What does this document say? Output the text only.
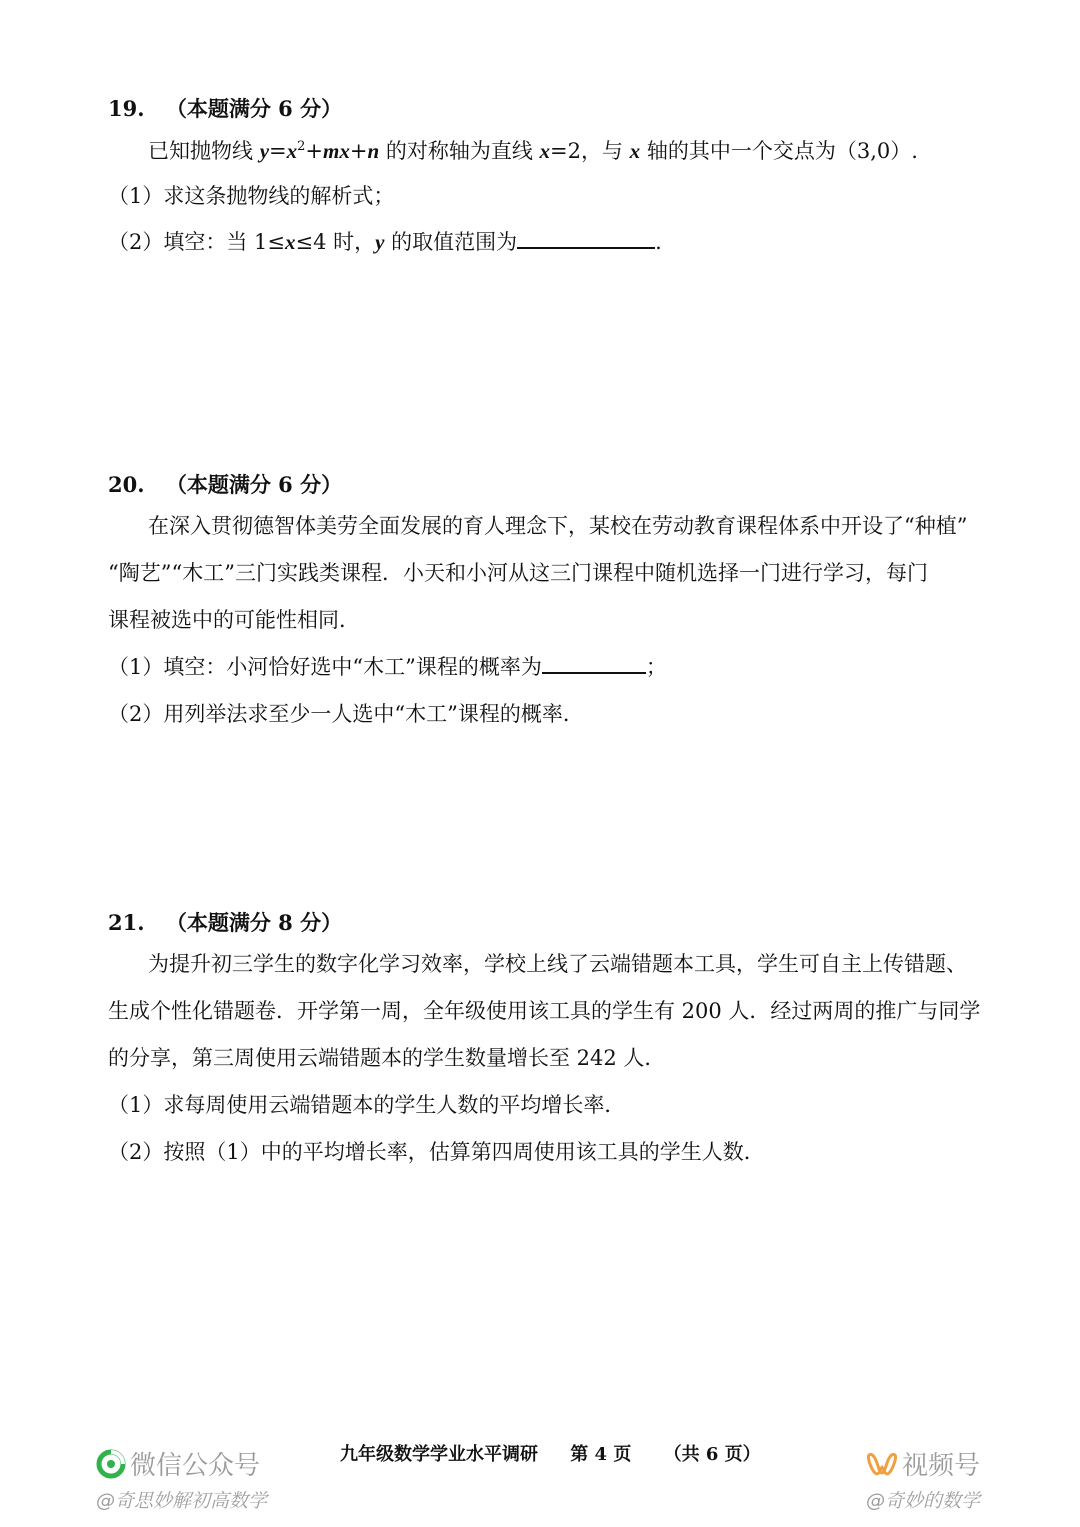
19. （本题满分 6 分）
已知抛物线 $y=x^2+mx+n$ 的对称轴为直线 x=2，与 x 轴的其中一个交点为（3,0）.
（1）求这条抛物线的解析式；
（2）填空：当 1≤x≤4 时，y 的取值范围为	.
20. （本题满分 6 分）
在深入贯彻德智体美劳全面发展的育人理念下，某校在劳动教育课程体系中开设了“种植”
“陶艺”“木工”三门实践类课程．小天和小河从这三门课程中随机选择一门进行学习，每门
课程被选中的可能性相同．
（1）填空：小河恰好选中“木工”课程的概率为	；
（2）用列举法求至少一人选中“木工”课程的概率．
21. （本题满分 8 分）
为提升初三学生的数字化学习效率，学校上线了云端错题本工具，学生可自主上传错题、
生成个性化错题卷．开学第一周，全年级使用该工具的学生有 200 人．经过两周的推广与同学
的分享，第三周使用云端错题本的学生数量增长至 242 人．
（1）求每周使用云端错题本的学生人数的平均增长率．
（2）按照（1）中的平均增长率，估算第四周使用该工具的学生人数．
九年级数学学业水平调研 第 4 页 （共 6 页）
微信公众号
@奇思妙解初高数学
视频号
@奇妙的数学
